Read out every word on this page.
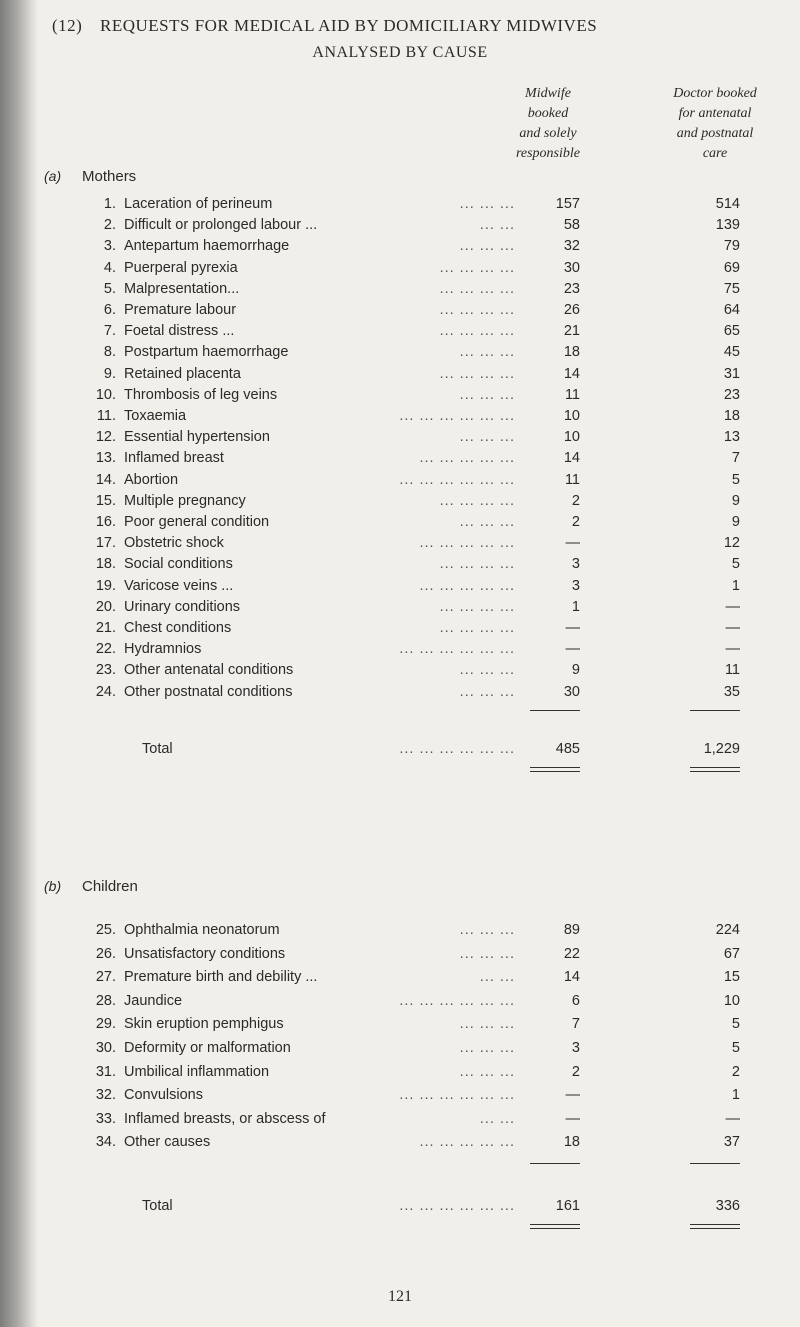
(12) REQUESTS FOR MEDICAL AID BY DOMICILIARY MIDWIVES
ANALYSED BY CAUSE
Midwife
booked
and solely
responsible
Doctor booked
for antenatal
and postnatal
care
(a) Mothers
1. Laceration of perineum	... ... ...	157	514
2. Difficult or prolonged labour ...	... ...	58	139
3. Antepartum haemorrhage	... ... ...	32	79
4. Puerperal pyrexia	... ... ... ...	30	69
5. Malpresentation...	... ... ... ...	23	75
6. Premature labour	... ... ... ...	26	64
7. Foetal distress ...	... ... ... ...	21	65
8. Postpartum haemorrhage	... ... ...	18	45
9. Retained placenta	... ... ... ...	14	31
10. Thrombosis of leg veins	... ... ...	11	23
11. Toxaemia	... ... ... ... ... ...	10	18
12. Essential hypertension	... ... ...	10	13
13. Inflamed breast	... ... ... ... ...	14	7
14. Abortion	... ... ... ... ... ...	11	5
15. Multiple pregnancy	... ... ... ...	2	9
16. Poor general condition	... ... ...	2	9
17. Obstetric shock	... ... ... ... ...	—	12
18. Social conditions	... ... ... ...	3	5
19. Varicose veins ...	... ... ... ... ...	3	1
20. Urinary conditions	... ... ... ...	1	—
21. Chest conditions	... ... ... ...	—	—
22. Hydramnios	... ... ... ... ... ...	—	—
23. Other antenatal conditions	... ... ...	9	11
24. Other postnatal conditions	... ... ...	30	35
Total	... ... ... ... ... ...	485	1,229
(b) Children
25. Ophthalmia neonatorum	... ... ...	89	224
26. Unsatisfactory conditions	... ... ...	22	67
27. Premature birth and debility ...	... ...	14	15
28. Jaundice	... ... ... ... ... ...	6	10
29. Skin eruption pemphigus	... ... ...	7	5
30. Deformity or malformation	... ... ...	3	5
31. Umbilical inflammation	... ... ...	2	2
32. Convulsions	... ... ... ... ... ...	—	1
33. Inflamed breasts, or abscess of	... ...	—	—
34. Other causes	... ... ... ... ...	18	37
Total	... ... ... ... ... ...	161	336
121
